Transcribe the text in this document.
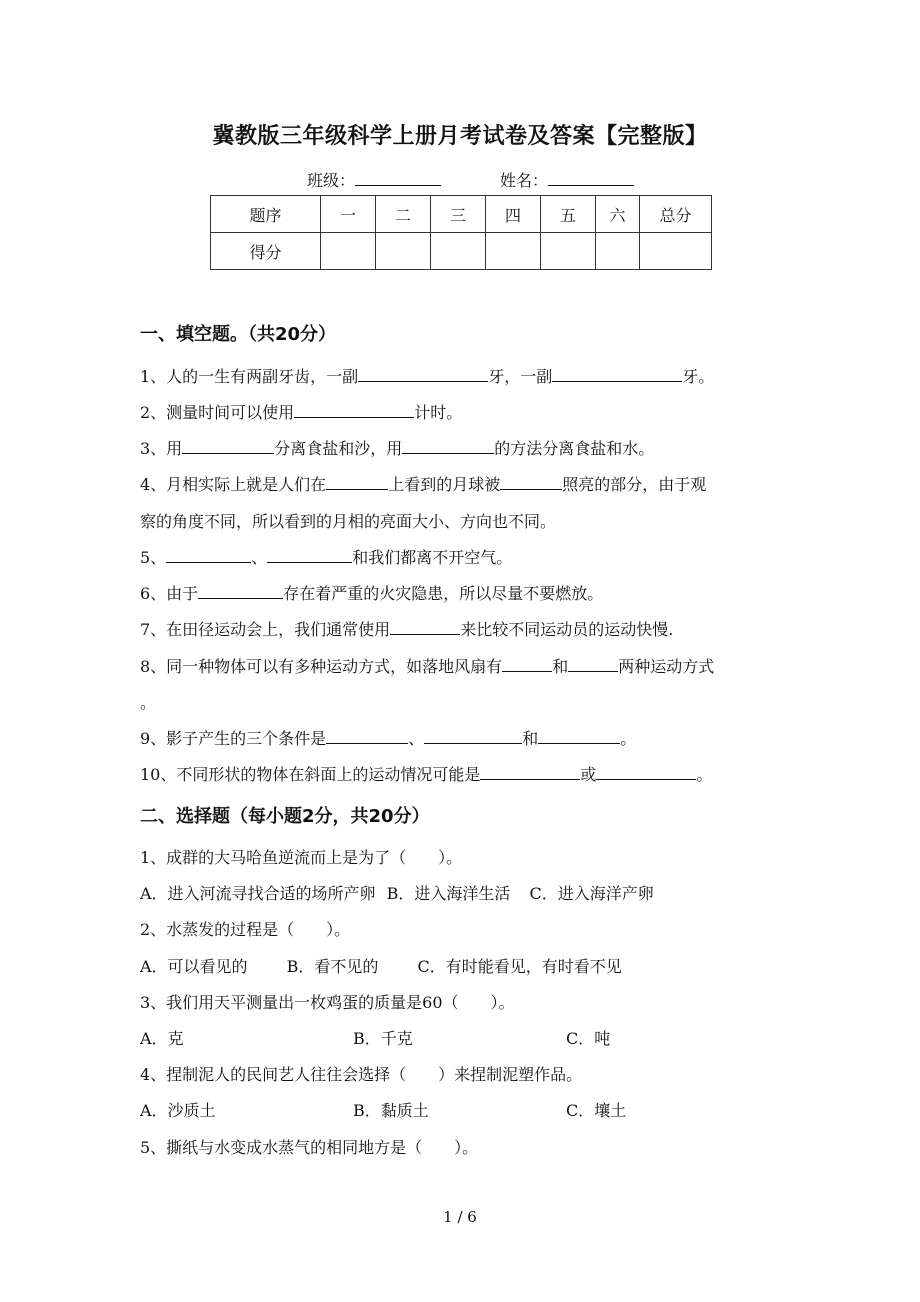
冀教版三年级科学上册月考试卷及答案【完整版】
班级：	姓名：
题序	一	二	三	四	五	六	总分
得分							
一、填空题。（共20分）
1、人的一生有两副牙齿，一副	牙，一副	牙。
2、测量时间可以使用	计时。
3、用	分离食盐和沙，用	的方法分离食盐和水。
4、月相实际上就是人们在	上看到的月球被	照亮的部分，由于观
察的角度不同，所以看到的月相的亮面大小、方向也不同。
5、	、	和我们都离不开空气。
6、由于	存在着严重的火灾隐患，所以尽量不要燃放。
7、在田径运动会上，我们通常使用	来比较不同运动员的运动快慢.
8、同一种物体可以有多种运动方式，如落地风扇有	和	两种运动方式
。
9、影子产生的三个条件是	、	和	。
10、不同形状的物体在斜面上的运动情况可能是	或	。
二、选择题（每小题2分，共20分）
1、成群的大马哈鱼逆流而上是为了（　　）。
A．进入河流寻找合适的场所产卵 B．进入海洋生活 C．进入海洋产卵
2、水蒸发的过程是（　　）。
A．可以看见的 B．看不见的 C．有时能看见，有时看不见
3、我们用天平测量出一枚鸡蛋的质量是60（　　）。
A．克	B．千克	C．吨
4、捏制泥人的民间艺人往往会选择（　　）来捏制泥塑作品。
A．沙质土	B．黏质土	C．壤土
5、撕纸与水变成水蒸气的相同地方是（　　）。
1 / 6
